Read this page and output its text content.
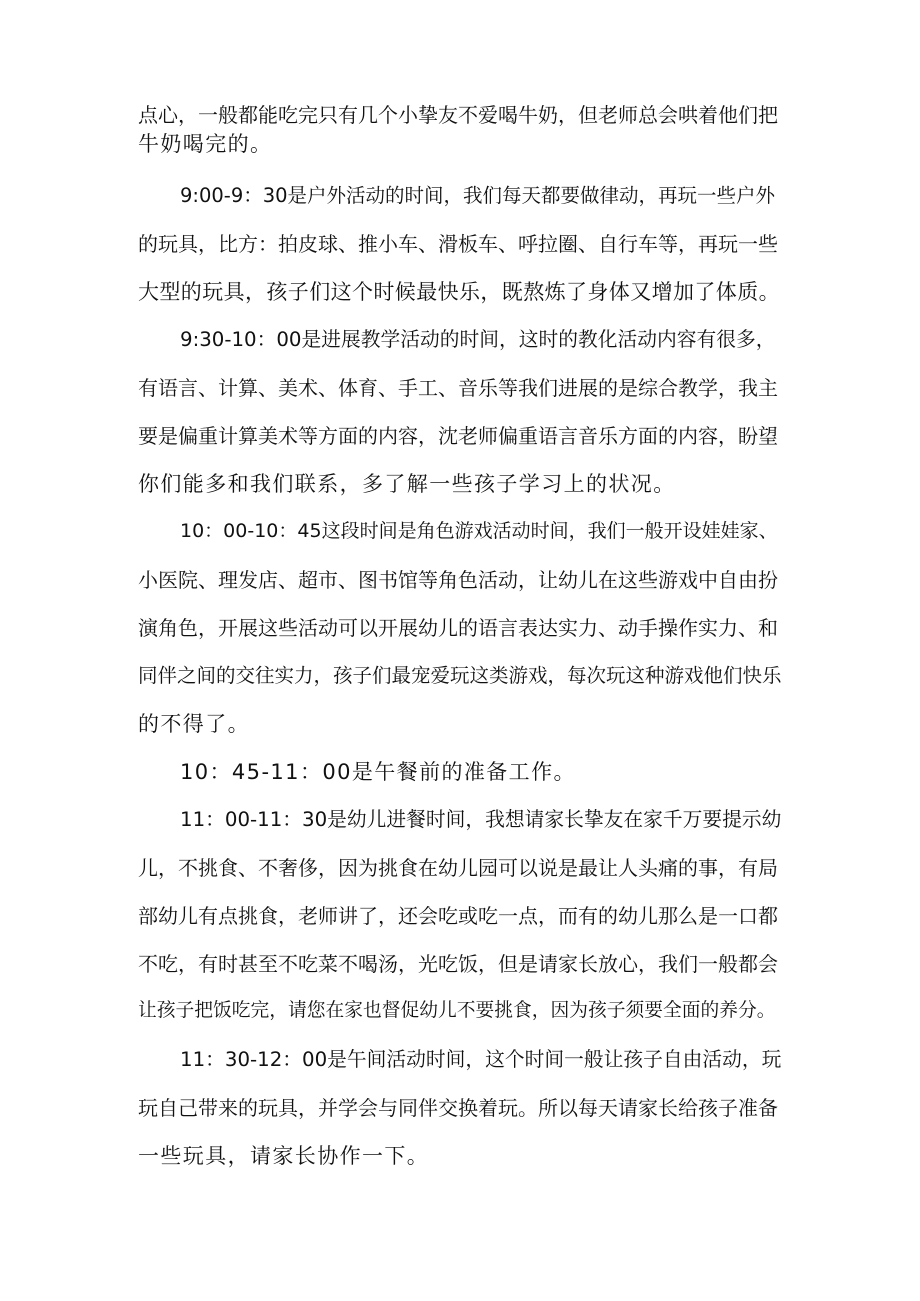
点心，一般都能吃完只有几个小挚友不爱喝牛奶，但老师总会哄着他们把
牛奶喝完的。
9:00-9：30是户外活动的时间，我们每天都要做律动，再玩一些户外
的玩具，比方：拍皮球、推小车、滑板车、呼拉圈、自行车等，再玩一些
大型的玩具，孩子们这个时候最快乐，既熬炼了身体又增加了体质。
9:30-10：00是进展教学活动的时间，这时的教化活动内容有很多，
有语言、计算、美术、体育、手工、音乐等我们进展的是综合教学，我主
要是偏重计算美术等方面的内容，沈老师偏重语言音乐方面的内容，盼望
你们能多和我们联系，多了解一些孩子学习上的状况。
10：00-10：45这段时间是角色游戏活动时间，我们一般开设娃娃家、
小医院、理发店、超市、图书馆等角色活动，让幼儿在这些游戏中自由扮
演角色，开展这些活动可以开展幼儿的语言表达实力、动手操作实力、和
同伴之间的交往实力，孩子们最宠爱玩这类游戏，每次玩这种游戏他们快乐
的不得了。
10：45-11：00是午餐前的准备工作。
11：00-11：30是幼儿进餐时间，我想请家长挚友在家千万要提示幼
儿，不挑食、不奢侈，因为挑食在幼儿园可以说是最让人头痛的事，有局
部幼儿有点挑食，老师讲了，还会吃或吃一点，而有的幼儿那么是一口都
不吃，有时甚至不吃菜不喝汤，光吃饭，但是请家长放心，我们一般都会
让孩子把饭吃完，请您在家也督促幼儿不要挑食，因为孩子须要全面的养分。
11：30-12：00是午间活动时间，这个时间一般让孩子自由活动，玩
玩自己带来的玩具，并学会与同伴交换着玩。所以每天请家长给孩子准备
一些玩具，请家长协作一下。
